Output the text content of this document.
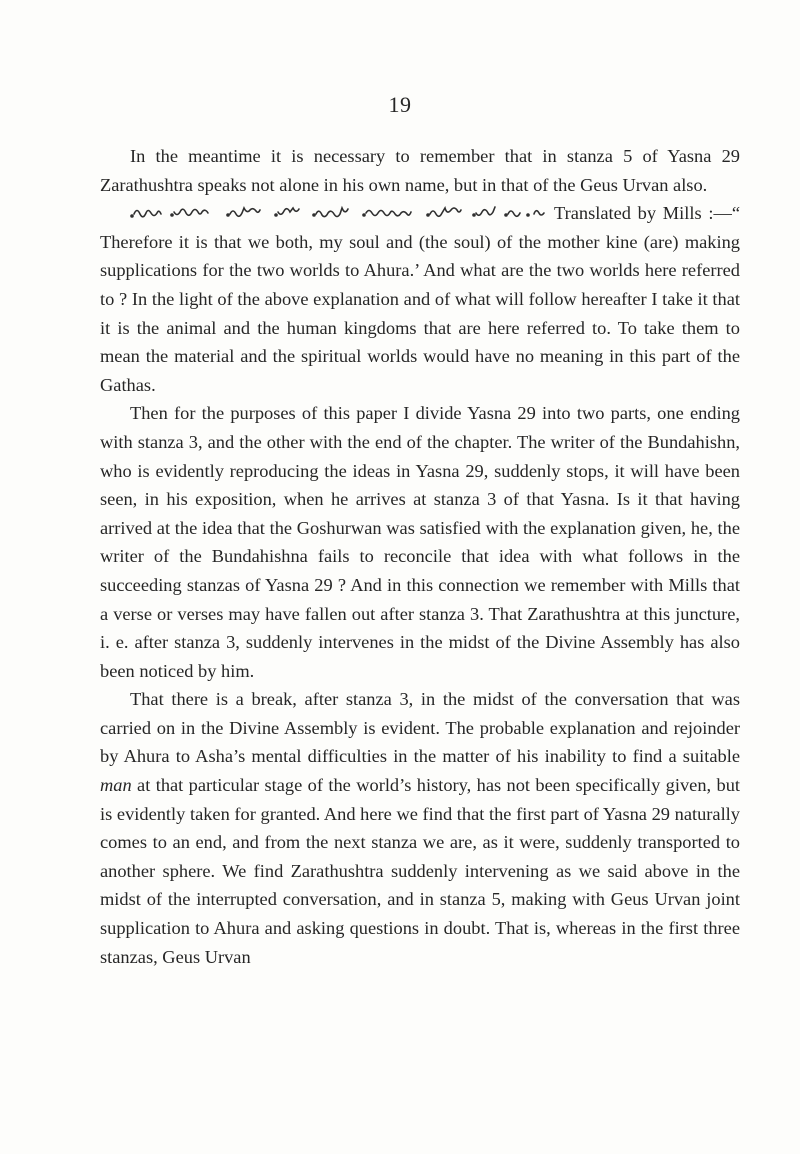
19

In the meantime it is necessary to remember that in stanza 5 of Yasna 29 Zarathushtra speaks not alone in his own name, but in that of the Geus Urvan also.

Translated by Mills :—“ Therefore it is that we both, my soul and (the soul) of the mother kine (are) making supplications for the two worlds to Ahura.’ And what are the two worlds here referred to ? In the light of the above explanation and of what will follow hereafter I take it that it is the animal and the human kingdoms that are here referred to. To take them to mean the material and the spiritual worlds would have no meaning in this part of the Gathas.

Then for the purposes of this paper I divide Yasna 29 into two parts, one ending with stanza 3, and the other with the end of the chapter. The writer of the Bundahishn, who is evidently reproducing the ideas in Yasna 29, suddenly stops, it will have been seen, in his exposition, when he arrives at stanza 3 of that Yasna. Is it that having arrived at the idea that the Goshurwan was satisfied with the explanation given, he, the writer of the Bundahishna fails to reconcile that idea with what follows in the succeeding stanzas of Yasna 29 ? And in this connection we remember with Mills that a verse or verses may have fallen out after stanza 3. That Zarathushtra at this juncture, i. e. after stanza 3, suddenly intervenes in the midst of the Divine Assembly has also been noticed by him.

That there is a break, after stanza 3, in the midst of the conversation that was carried on in the Divine Assembly is evident. The probable explanation and rejoinder by Ahura to Asha’s mental difficulties in the matter of his inability to find a suitable man at that particular stage of the world’s history, has not been specifically given, but is evidently taken for granted. And here we find that the first part of Yasna 29 naturally comes to an end, and from the next stanza we are, as it were, suddenly transported to another sphere. We find Zarathushtra suddenly intervening as we said above in the midst of the interrupted conversation, and in stanza 5, making with Geus Urvan joint supplication to Ahura and asking questions in doubt. That is, whereas in the first three stanzas, Geus Urvan
